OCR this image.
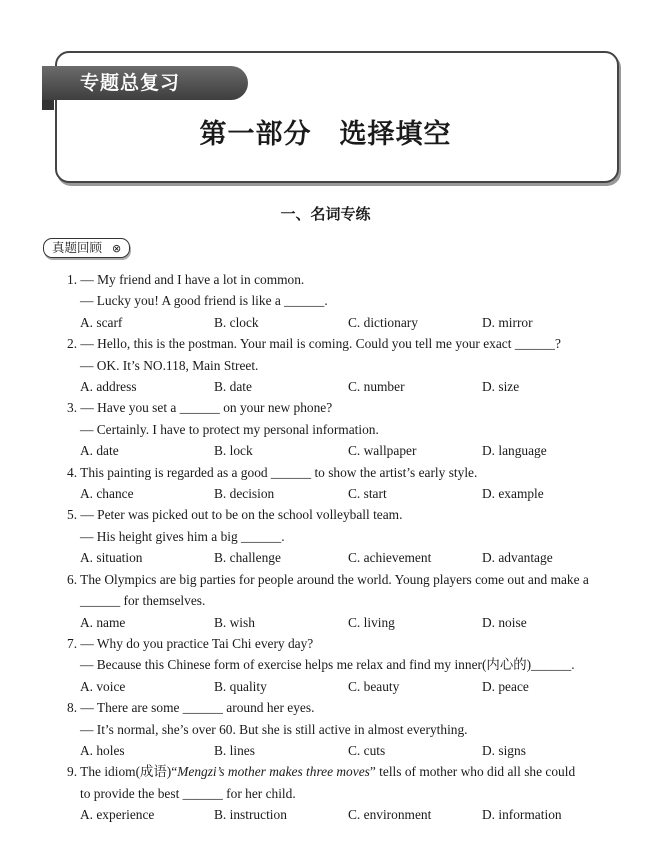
专题总复习
第一部分 选择填空
一、名词专练
真题回顾 ⊗
1. — My friend and I have a lot in common.
— Lucky you! A good friend is like a ______.
A. scarf	B. clock	C. dictionary	D. mirror
2. — Hello, this is the postman. Your mail is coming. Could you tell me your exact ______?
— OK. It’s NO.118, Main Street.
A. address	B. date	C. number	D. size
3. — Have you set a ______ on your new phone?
— Certainly. I have to protect my personal information.
A. date	B. lock	C. wallpaper	D. language
4. This painting is regarded as a good ______ to show the artist’s early style.
A. chance	B. decision	C. start	D. example
5. — Peter was picked out to be on the school volleyball team.
— His height gives him a big ______.
A. situation	B. challenge	C. achievement	D. advantage
6. The Olympics are big parties for people around the world. Young players come out and make a
______ for themselves.
A. name	B. wish	C. living	D. noise
7. — Why do you practice Tai Chi every day?
— Because this Chinese form of exercise helps me relax and find my inner(内心的)______.
A. voice	B. quality	C. beauty	D. peace
8. — There are some ______ around her eyes.
— It’s normal, she’s over 60. But she is still active in almost everything.
A. holes	B. lines	C. cuts	D. signs
9. The idiom(成语)“Mengzi’s mother makes three moves” tells of mother who did all she could
to provide the best ______ for her child.
A. experience	B. instruction	C. environment	D. information
